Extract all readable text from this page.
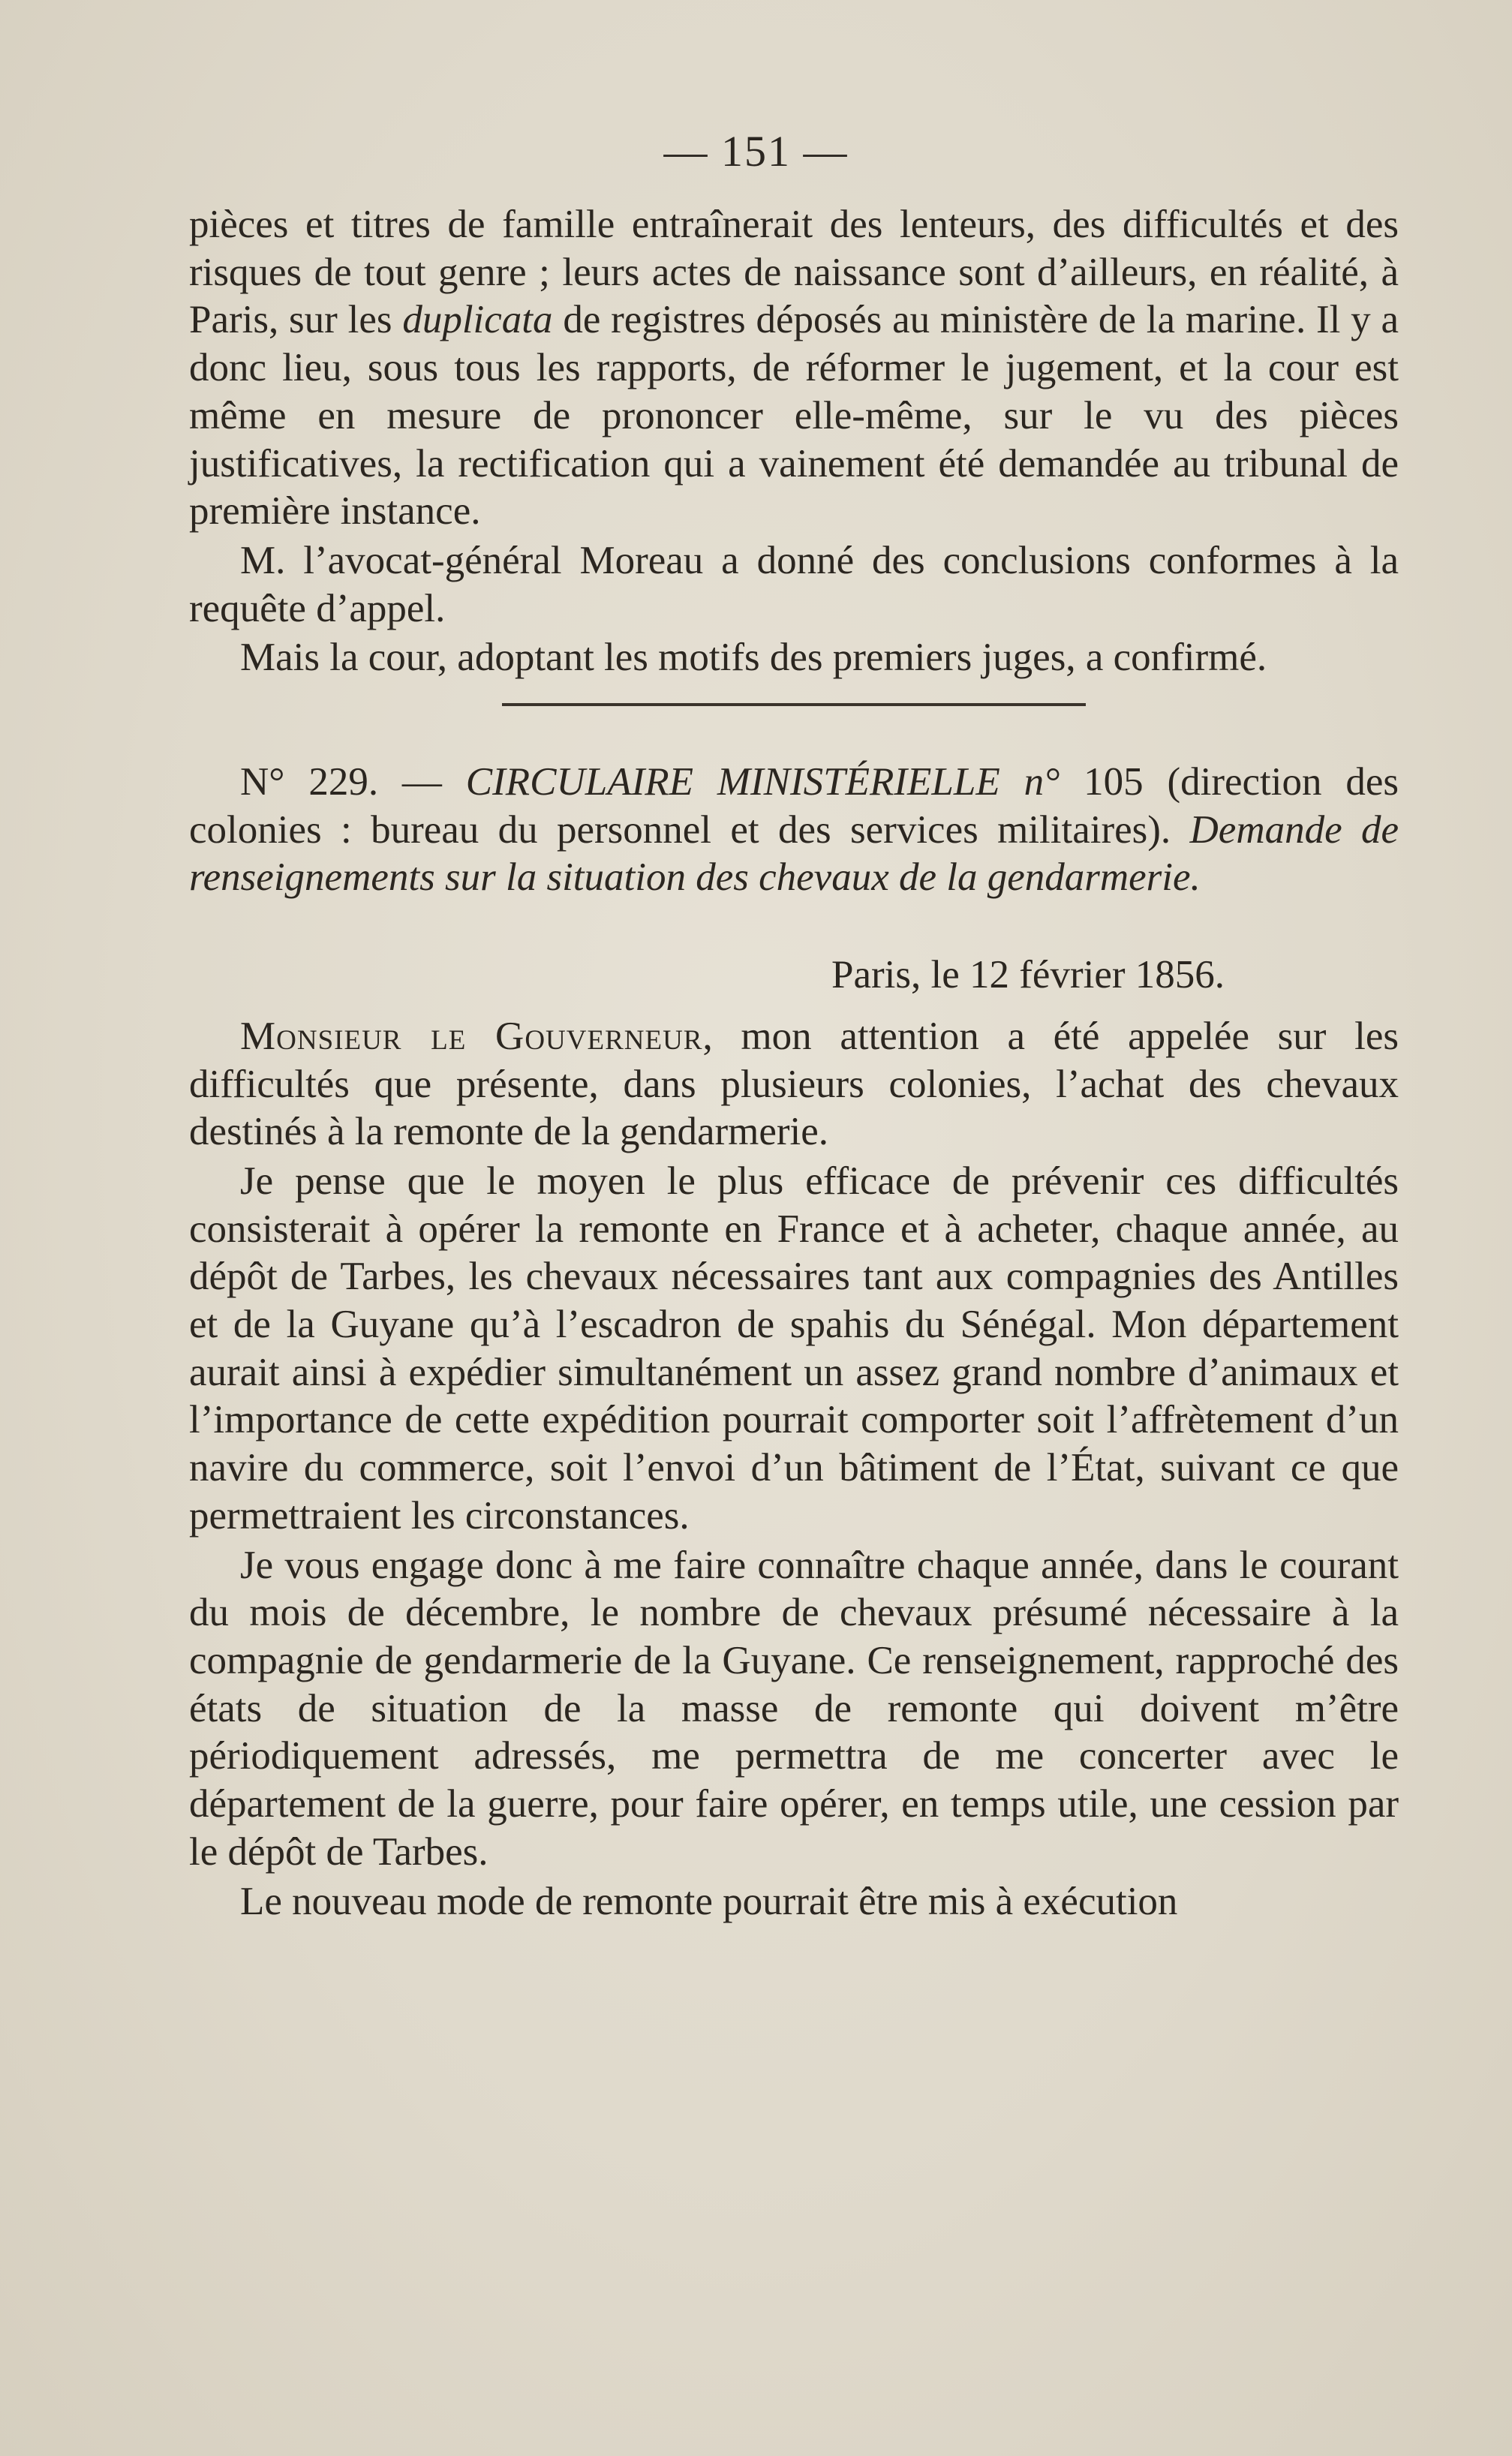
— 151 —

pièces et titres de famille entraînerait des lenteurs, des difficultés et des risques de tout genre ; leurs actes de naissance sont d’ailleurs, en réalité, à Paris, sur les duplicata de registres déposés au ministère de la marine. Il y a donc lieu, sous tous les rapports, de réformer le jugement, et la cour est même en mesure de prononcer elle-même, sur le vu des pièces justificatives, la rectification qui a vainement été demandée au tribunal de première instance.

M. l’avocat-général Moreau a donné des conclusions conformes à la requête d’appel.

Mais la cour, adoptant les motifs des premiers juges, a confirmé.

N° 229. — CIRCULAIRE MINISTÉRIELLE n° 105 (direction des colonies : bureau du personnel et des services militaires). Demande de renseignements sur la situation des chevaux de la gendarmerie.

Paris, le 12 février 1856.

Monsieur le Gouverneur, mon attention a été appelée sur les difficultés que présente, dans plusieurs colonies, l’achat des chevaux destinés à la remonte de la gendarmerie.

Je pense que le moyen le plus efficace de prévenir ces difficultés consisterait à opérer la remonte en France et à acheter, chaque année, au dépôt de Tarbes, les chevaux nécessaires tant aux compagnies des Antilles et de la Guyane qu’à l’escadron de spahis du Sénégal. Mon département aurait ainsi à expédier simultanément un assez grand nombre d’animaux et l’importance de cette expédition pourrait comporter soit l’affrètement d’un navire du commerce, soit l’envoi d’un bâtiment de l’État, suivant ce que permettraient les circonstances.

Je vous engage donc à me faire connaître chaque année, dans le courant du mois de décembre, le nombre de chevaux présumé nécessaire à la compagnie de gendarmerie de la Guyane. Ce renseignement, rapproché des états de situation de la masse de remonte qui doivent m’être périodiquement adressés, me permettra de me concerter avec le département de la guerre, pour faire opérer, en temps utile, une cession par le dépôt de Tarbes.

Le nouveau mode de remonte pourrait être mis à exécution
